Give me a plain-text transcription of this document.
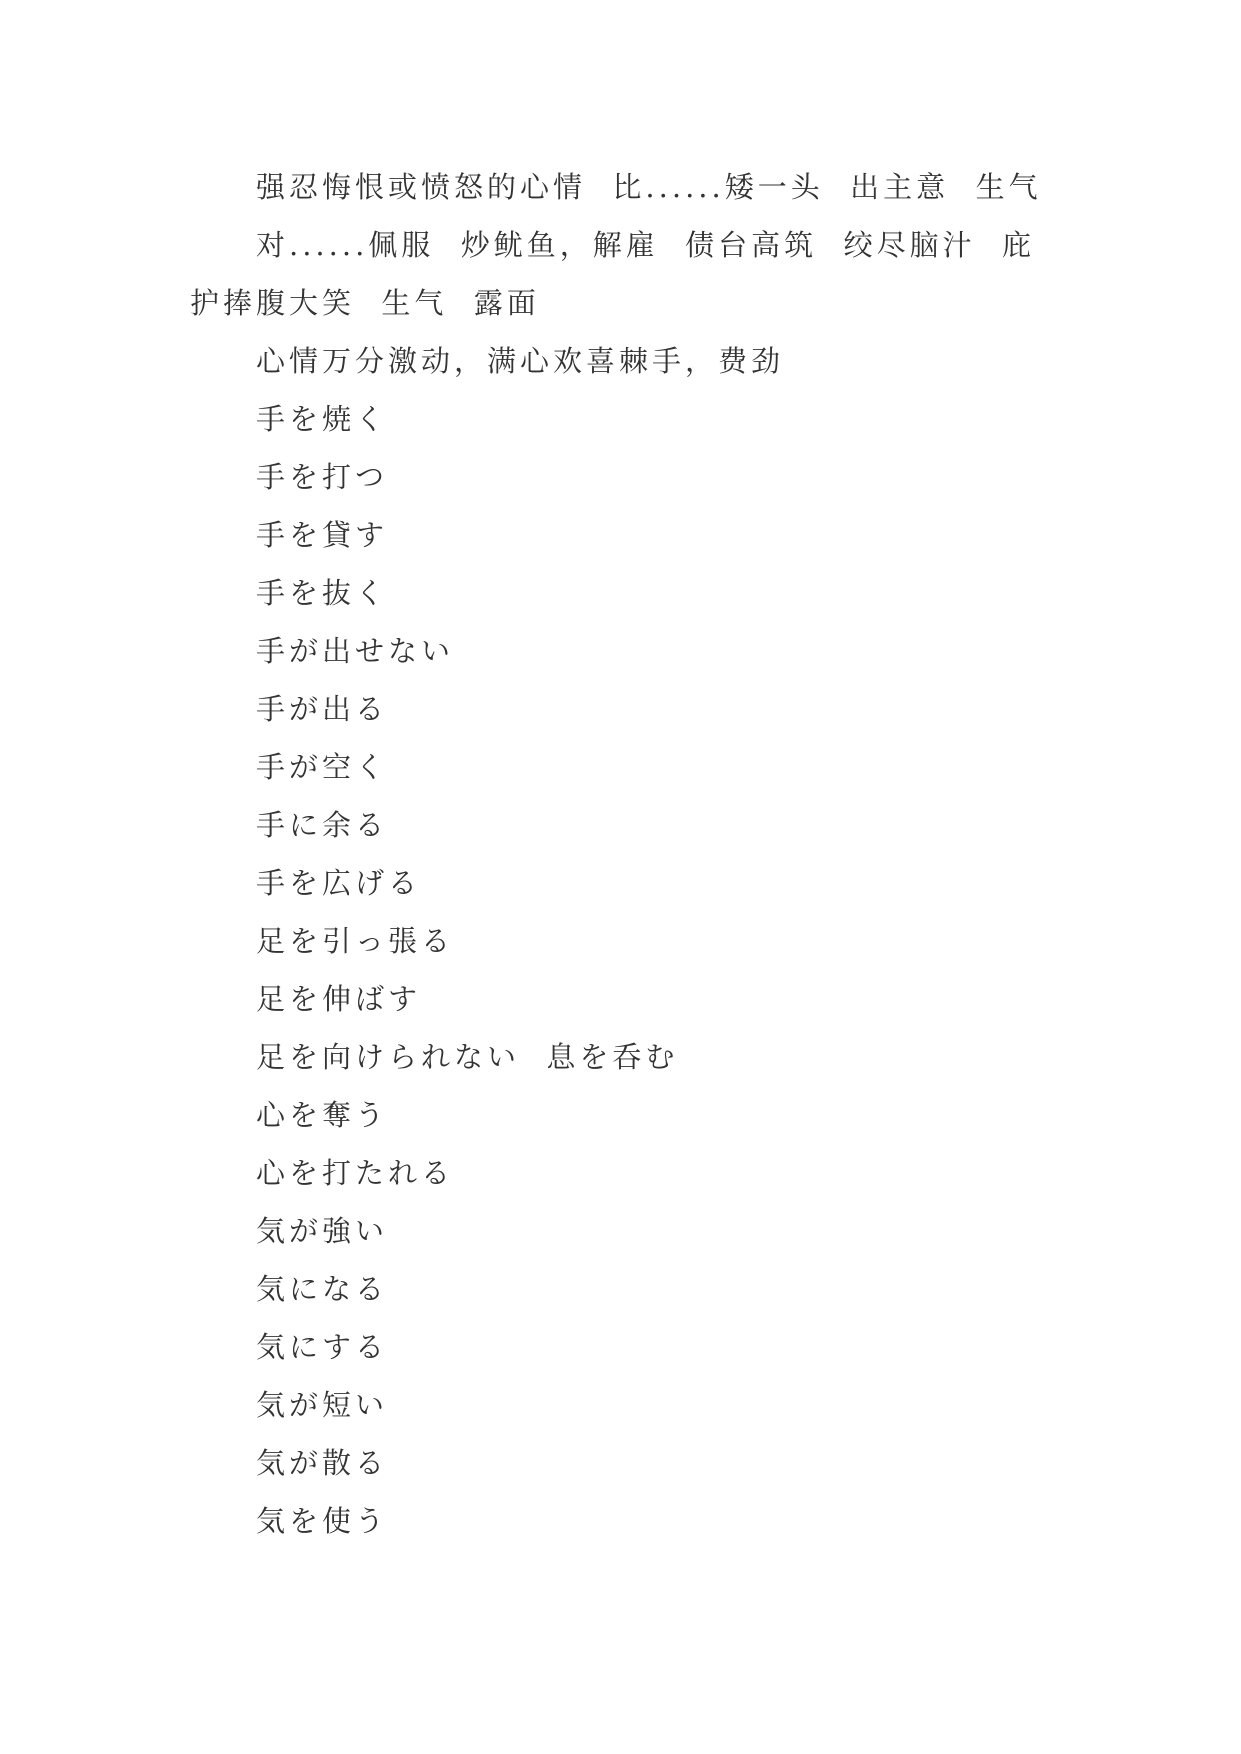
强忍悔恨或愤怒的心情  比......矮一头  出主意  生气

对......佩服  炒鱿鱼，解雇  债台高筑  绞尽脑汁  庇护捧腹大笑  生气  露面

心情万分激动，满心欢喜棘手，费劲

手を焼く

手を打つ

手を貸す

手を抜く

手が出せない

手が出る

手が空く

手に余る

手を広げる

足を引っ張る

足を伸ばす

足を向けられない  息を呑む

心を奪う

心を打たれる

気が強い

気になる

気にする

気が短い

気が散る

気を使う
